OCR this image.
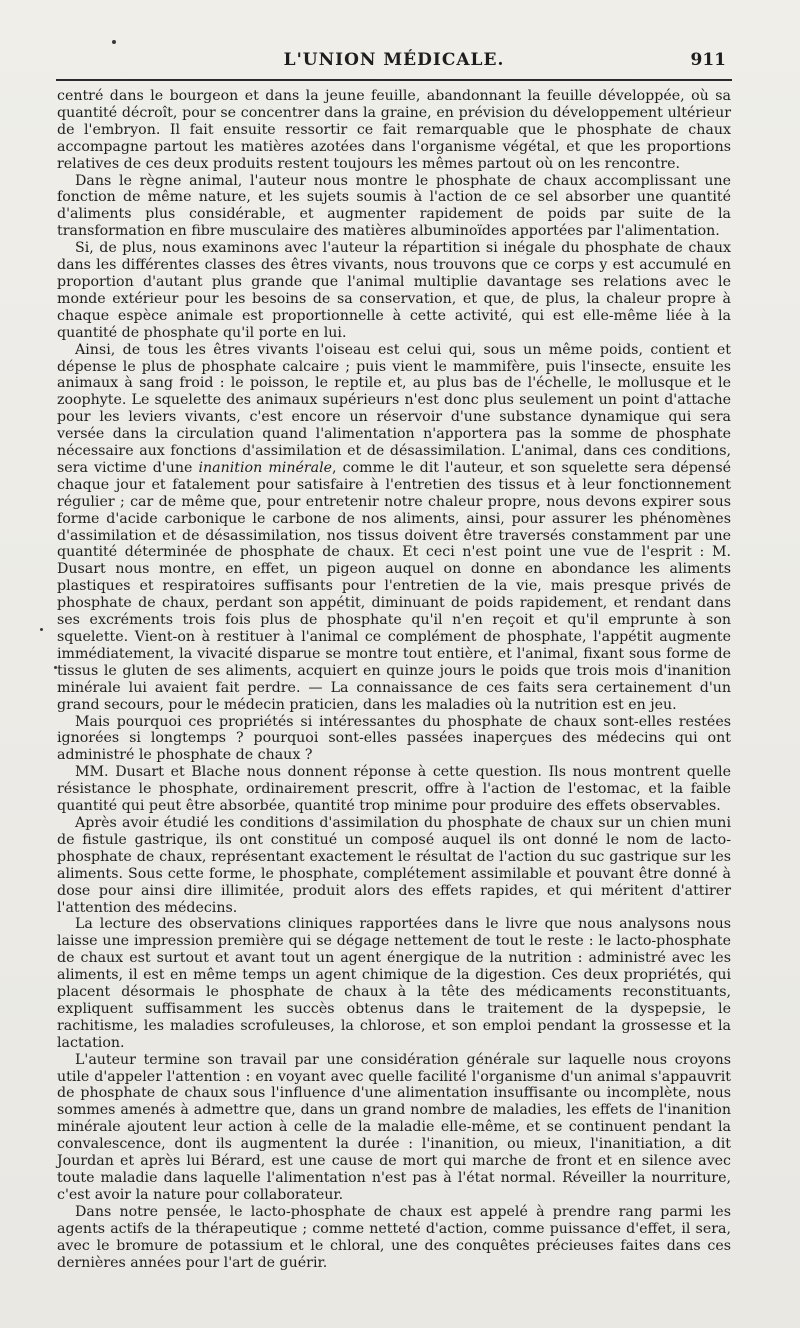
L'UNION MÉDICALE.	911

centré dans le bourgeon et dans la jeune feuille, abandonnant la feuille développée, où sa quantité décroît, pour se concentrer dans la graine, en prévision du développement ultérieur de l'embryon. Il fait ensuite ressortir ce fait remarquable que le phosphate de chaux accompagne partout les matières azotées dans l'organisme végétal, et que les proportions relatives de ces deux produits restent toujours les mêmes partout où on les rencontre.

Dans le règne animal, l'auteur nous montre le phosphate de chaux accomplissant une fonction de même nature, et les sujets soumis à l'action de ce sel absorber une quantité d'aliments plus considérable, et augmenter rapidement de poids par suite de la transformation en fibre musculaire des matières albuminoïdes apportées par l'alimentation.

Si, de plus, nous examinons avec l'auteur la répartition si inégale du phosphate de chaux dans les différentes classes des êtres vivants, nous trouvons que ce corps y est accumulé en proportion d'autant plus grande que l'animal multiplie davantage ses relations avec le monde extérieur pour les besoins de sa conservation, et que, de plus, la chaleur propre à chaque espèce animale est proportionnelle à cette activité, qui est elle-même liée à la quantité de phosphate qu'il porte en lui.

Ainsi, de tous les êtres vivants l'oiseau est celui qui, sous un même poids, contient et dépense le plus de phosphate calcaire ; puis vient le mammifère, puis l'insecte, ensuite les animaux à sang froid : le poisson, le reptile et, au plus bas de l'échelle, le mollusque et le zoophyte. Le squelette des animaux supérieurs n'est donc plus seulement un point d'attache pour les leviers vivants, c'est encore un réservoir d'une substance dynamique qui sera versée dans la circulation quand l'alimentation n'apportera pas la somme de phosphate nécessaire aux fonctions d'assimilation et de désassimilation. L'animal, dans ces conditions, sera victime d'une inanition minérale, comme le dit l'auteur, et son squelette sera dépensé chaque jour et fatalement pour satisfaire à l'entretien des tissus et à leur fonctionnement régulier ; car de même que, pour entretenir notre chaleur propre, nous devons expirer sous forme d'acide carbonique le carbone de nos aliments, ainsi, pour assurer les phénomènes d'assimilation et de désassimilation, nos tissus doivent être traversés constamment par une quantité déterminée de phosphate de chaux. Et ceci n'est point une vue de l'esprit : M. Dusart nous montre, en effet, un pigeon auquel on donne en abondance les aliments plastiques et respiratoires suffisants pour l'entretien de la vie, mais presque privés de phosphate de chaux, perdant son appétit, diminuant de poids rapidement, et rendant dans ses excréments trois fois plus de phosphate qu'il n'en reçoit et qu'il emprunte à son squelette. Vient-on à restituer à l'animal ce complément de phosphate, l'appétit augmente immédiatement, la vivacité disparue se montre tout entière, et l'animal, fixant sous forme de tissus le gluten de ses aliments, acquiert en quinze jours le poids que trois mois d'inanition minérale lui avaient fait perdre. — La connaissance de ces faits sera certainement d'un grand secours, pour le médecin praticien, dans les maladies où la nutrition est en jeu.

Mais pourquoi ces propriétés si intéressantes du phosphate de chaux sont-elles restées ignorées si longtemps ? pourquoi sont-elles passées inaperçues des médecins qui ont administré le phosphate de chaux ?

MM. Dusart et Blache nous donnent réponse à cette question. Ils nous montrent quelle résistance le phosphate, ordinairement prescrit, offre à l'action de l'estomac, et la faible quantité qui peut être absorbée, quantité trop minime pour produire des effets observables.

Après avoir étudié les conditions d'assimilation du phosphate de chaux sur un chien muni de fistule gastrique, ils ont constitué un composé auquel ils ont donné le nom de lacto-phosphate de chaux, représentant exactement le résultat de l'action du suc gastrique sur les aliments. Sous cette forme, le phosphate, complétement assimilable et pouvant être donné à dose pour ainsi dire illimitée, produit alors des effets rapides, et qui méritent d'attirer l'attention des médecins.

La lecture des observations cliniques rapportées dans le livre que nous analysons nous laisse une impression première qui se dégage nettement de tout le reste : le lacto-phosphate de chaux est surtout et avant tout un agent énergique de la nutrition : administré avec les aliments, il est en même temps un agent chimique de la digestion. Ces deux propriétés, qui placent désormais le phosphate de chaux à la tête des médicaments reconstituants, expliquent suffisamment les succès obtenus dans le traitement de la dyspepsie, le rachitisme, les maladies scrofuleuses, la chlorose, et son emploi pendant la grossesse et la lactation.

L'auteur termine son travail par une considération générale sur laquelle nous croyons utile d'appeler l'attention : en voyant avec quelle facilité l'organisme d'un animal s'appauvrit de phosphate de chaux sous l'influence d'une alimentation insuffisante ou incomplète, nous sommes amenés à admettre que, dans un grand nombre de maladies, les effets de l'inanition minérale ajoutent leur action à celle de la maladie elle-même, et se continuent pendant la convalescence, dont ils augmentent la durée : l'inanition, ou mieux, l'inanitiation, a dit Jourdan et après lui Bérard, est une cause de mort qui marche de front et en silence avec toute maladie dans laquelle l'alimentation n'est pas à l'état normal. Réveiller la nourriture, c'est avoir la nature pour collaborateur.

Dans notre pensée, le lacto-phosphate de chaux est appelé à prendre rang parmi les agents actifs de la thérapeutique ; comme netteté d'action, comme puissance d'effet, il sera, avec le bromure de potassium et le chloral, une des conquêtes précieuses faites dans ces dernières années pour l'art de guérir.
